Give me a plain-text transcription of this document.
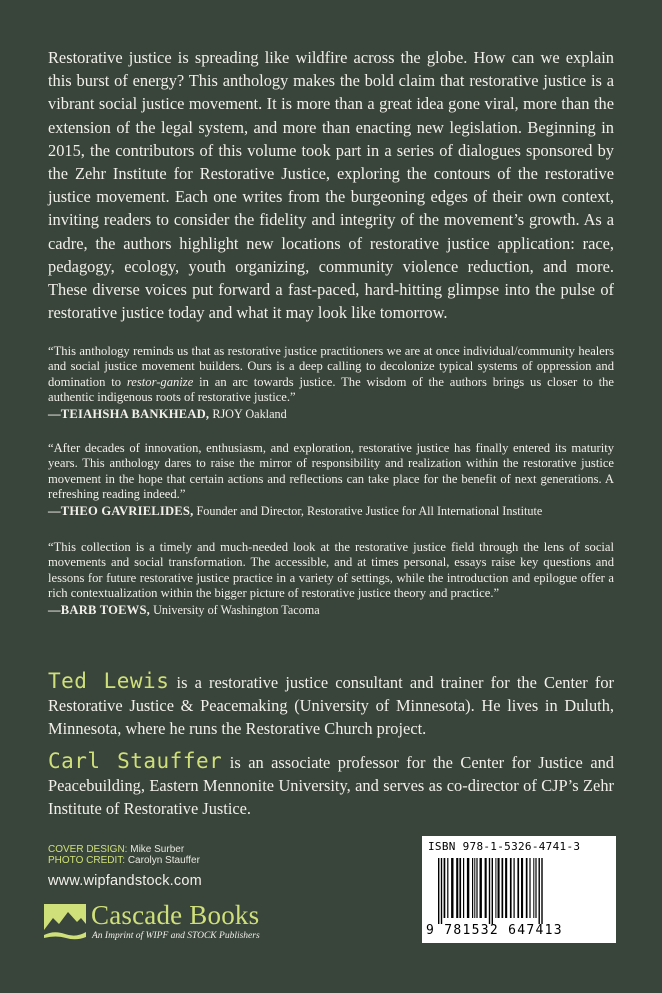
Restorative justice is spreading like wildfire across the globe. How can we explain this burst of energy? This anthology makes the bold claim that restorative justice is a vibrant social justice movement. It is more than a great idea gone viral, more than the extension of the legal system, and more than enacting new legislation. Beginning in 2015, the contributors of this volume took part in a series of dialogues sponsored by the Zehr Institute for Restorative Justice, exploring the contours of the restorative justice movement. Each one writes from the burgeoning edges of their own context, inviting readers to consider the fidelity and integrity of the movement’s growth. As a cadre, the authors highlight new locations of restorative justice application: race, pedagogy, ecology, youth organizing, community violence reduction, and more. These diverse voices put forward a fast-paced, hard-hitting glimpse into the pulse of restorative justice today and what it may look like tomorrow.

“This anthology reminds us that as restorative justice practitioners we are at once individual/community healers and social justice movement builders. Ours is a deep calling to decolonize typical systems of oppression and domination to restor-ganize in an arc towards justice. The wisdom of the authors brings us closer to the authentic indigenous roots of restorative justice.”

—TEIAHSHA BANKHEAD, RJOY Oakland

“After decades of innovation, enthusiasm, and exploration, restorative justice has finally entered its maturity years. This anthology dares to raise the mirror of responsibility and realization within the restorative justice movement in the hope that certain actions and reflections can take place for the benefit of next generations. A refreshing reading indeed.”

—THEO GAVRIELIDES, Founder and Director, Restorative Justice for All International Institute

“This collection is a timely and much-needed look at the restorative justice field through the lens of social movements and social transformation. The accessible, and at times personal, essays raise key questions and lessons for future restorative justice practice in a variety of settings, while the introduction and epilogue offer a rich contextualization within the bigger picture of restorative justice theory and practice.”

—BARB TOEWS, University of Washington Tacoma

Ted Lewis is a restorative justice consultant and trainer for the Center for Restorative Justice & Peacemaking (University of Minnesota). He lives in Duluth, Minnesota, where he runs the Restorative Church project.

Carl Stauffer is an associate professor for the Center for Justice and Peacebuilding, Eastern Mennonite University, and serves as co-director of CJP’s Zehr Institute of Restorative Justice.

COVER DESIGN: Mike Surber
PHOTO CREDIT: Carolyn Stauffer
www.wipfandstock.com
Cascade Books
An Imprint of WIPF and STOCK Publishers
ISBN 978-1-5326-4741-3
9 781532 647413
